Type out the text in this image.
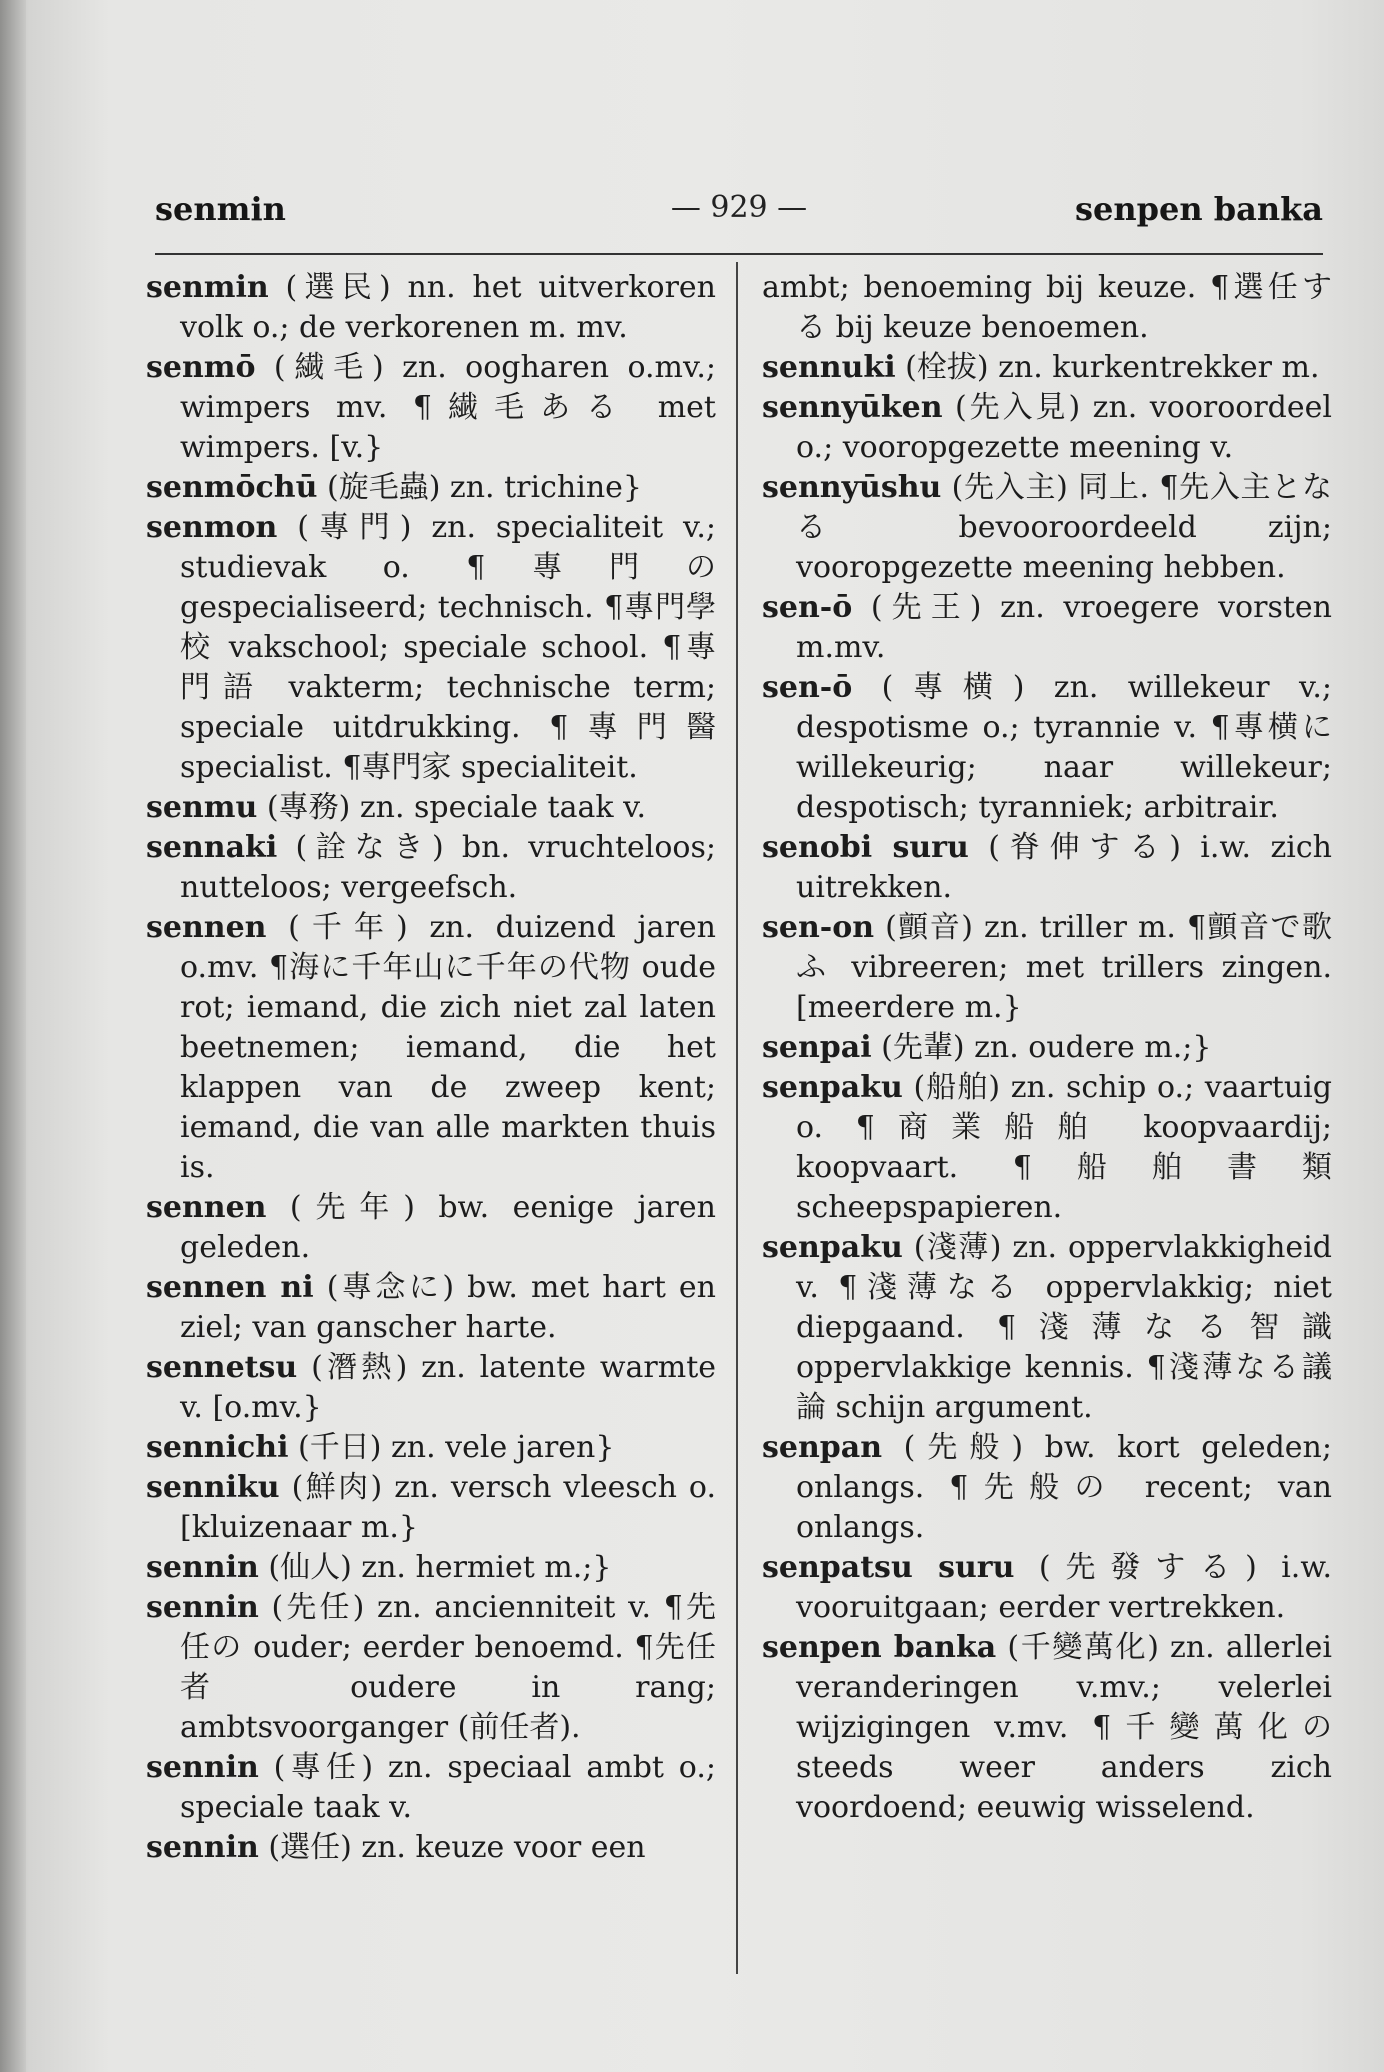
— 929 —
senmin	senpen banka

senmin (選民) nn. het uitverkoren volk o.; de verkorenen m. mv.

senmō (繊毛) zn. oogharen o.mv.; wimpers mv. ¶繊毛ある met wimpers. [v.}

senmōchū (旋毛蟲) zn. trichine}

senmon (專門) zn. specialiteit v.; studievak o. ¶專門の gespecialiseerd; technisch. ¶專門學校 vakschool; speciale school. ¶專門語 vakterm; technische term; speciale uitdrukking. ¶專門醫 specialist. ¶專門家 specialiteit.

senmu (專務) zn. speciale taak v.

sennaki (詮なき) bn. vruchteloos; nutteloos; vergeefsch.

sennen (千年) zn. duizend jaren o.mv. ¶海に千年山に千年の代物 oude rot; iemand, die zich niet zal laten beetnemen; iemand, die het klappen van de zweep kent; iemand, die van alle markten thuis is.

sennen (先年) bw. eenige jaren geleden.

sennen ni (專念に) bw. met hart en ziel; van ganscher harte.

sennetsu (潛熱) zn. latente warmte v. [o.mv.}

sennichi (千日) zn. vele jaren}

senniku (鮮肉) zn. versch vleesch o. [kluizenaar m.}

sennin (仙人) zn. hermiet m.;}

sennin (先任) zn. ancienniteit v. ¶先任の ouder; eerder benoemd. ¶先任者 oudere in rang; ambtsvoorganger (前任者).

sennin (專任) zn. speciaal ambt o.; speciale taak v.

sennin (選任) zn. keuze voor een

ambt; benoeming bij keuze. ¶選任する bij keuze benoemen.

sennuki (栓拔) zn. kurkentrekker m.

sennyūken (先入見) zn. vooroordeel o.; vooropgezette meening v.

sennyūshu (先入主) 同上. ¶先入主となる bevooroordeeld zijn; vooropgezette meening hebben.

sen-ō (先王) zn. vroegere vorsten m.mv.

sen-ō (專横) zn. willekeur v.; despotisme o.; tyrannie v. ¶專横に willekeurig; naar willekeur; despotisch; tyranniek; arbitrair.

senobi suru (脊伸する) i.w. zich uitrekken.

sen-on (顫音) zn. triller m. ¶顫音で歌ふ vibreeren; met trillers zingen. [meerdere m.}

senpai (先輩) zn. oudere m.;}

senpaku (船舶) zn. schip o.; vaartuig o. ¶商業船舶 koopvaardij; koopvaart. ¶船舶書類 scheepspapieren.

senpaku (淺薄) zn. oppervlakkigheid v. ¶淺薄なる oppervlakkig; niet diepgaand. ¶淺薄なる智識 oppervlakkige kennis. ¶淺薄なる議論 schijn argument.

senpan (先般) bw. kort geleden; onlangs. ¶先般の recent; van onlangs.

senpatsu suru (先發する) i.w. vooruitgaan; eerder vertrekken.

senpen banka (千變萬化) zn. allerlei veranderingen v.mv.; velerlei wijzigingen v.mv. ¶千變萬化の steeds weer anders zich voordoend; eeuwig wisselend.
